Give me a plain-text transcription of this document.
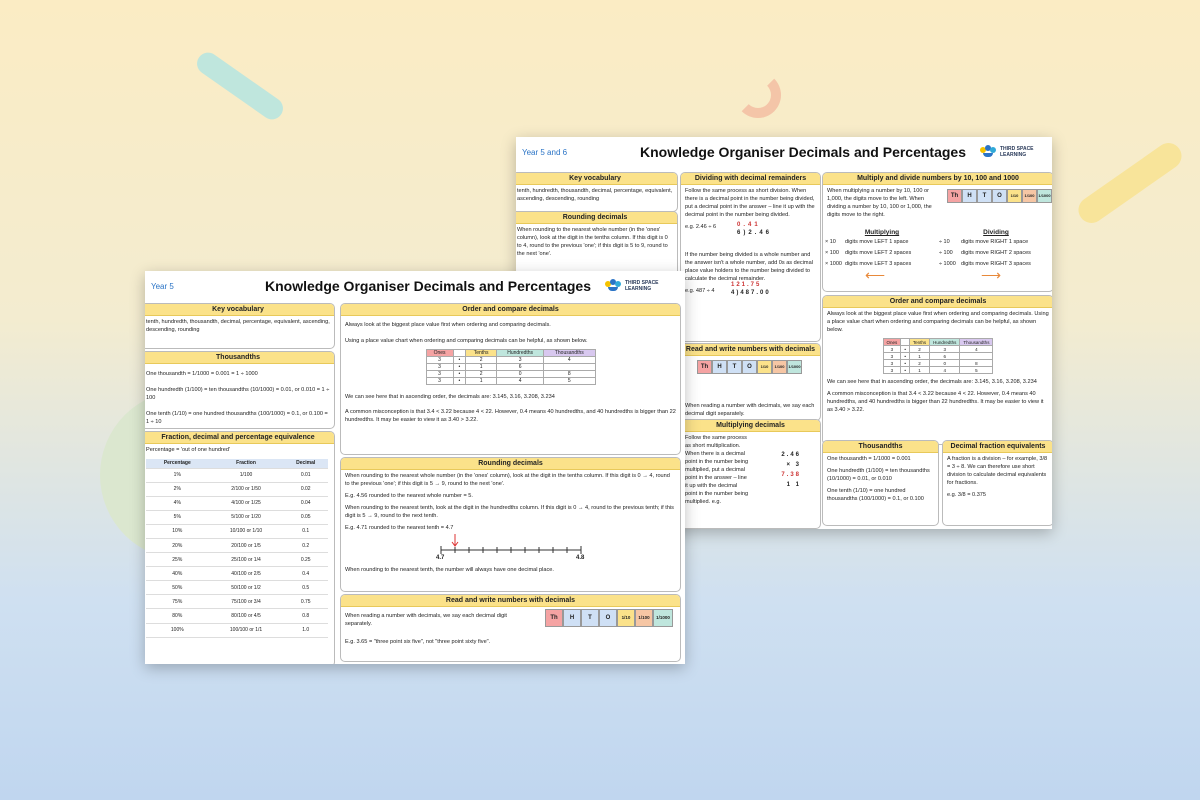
Year 5 and 6	Knowledge Organiser Decimals and Percentages	THIRD SPACE LEARNING
Key vocabulary
tenth, hundredth, thousandth, decimal, percentage, equivalent, ascending, descending, rounding
Rounding decimals
When rounding to the nearest whole number (in the 'ones' column), look at the digit in the tenths column. If this digit is 0 to 4, round to the previous 'one'; if this digit is 5 to 9, round to the next 'one'.
Dividing with decimal remainders
Follow the same process as short division. When there is a decimal point in the number being divided, put a decimal point in the answer – line it up with the decimal point in the number being divided.
e.g. 2.46 ÷ 6	0.41
6)2.46
If the number being divided is a whole number and the answer isn't a whole number, add 0s as decimal place value holders to the number being divided to calculate the decimal remainder.
e.g. 487 ÷ 4
121.75
4)487.00
Multiply and divide numbers by 10, 100 and 1000
When multiplying a number by 10, 100 or 1,000, the digits move to the left. When dividing a number by 10, 100 or 1,000, the digits move to the right.
Th	H	T	O	1/10	1/100 1/1000
Multiplying	Dividing
× 10	digits move LEFT 1 space	÷ 10	digits move RIGHT 1 space
× 100	digits move LEFT 2 spaces	÷ 100	digits move RIGHT 2 spaces
× 1000 digits move LEFT 3 spaces	÷ 1000 digits move RIGHT 3 spaces
⟵	⟶
Read and write numbers with decimals
Th	H	T	O	1/10	1/100 1/1000
When reading a number with decimals, we say each decimal digit separately.
Multiplying decimals
Follow the same process as short multiplication. When there is a decimal point in the number being multiplied, put a decimal point in the answer – line it up with the decimal point in the number being multiplied. e.g.
2.46
× 3
7.38
1 1
Order and compare decimals
Always look at the biggest place value first when ordering and comparing decimals. Using a place value chart when ordering and comparing decimals can be helpful, as shown below.
Ones		Tenths	Hundredths	Thousandths
3	•	2	3	4
3	•	1	6	
3	•	2	0	8
3	•	1	4	5
We can see here that in ascending order, the decimals are: 3.145, 3.16, 3.208, 3.234
A common misconception is that 3.4 < 3.22 because 4 < 22. However, 0.4 means 40 hundredths, and 40 hundredths is bigger than 22 hundredths. It may be easier to view it as 3.40 > 3.22.
Thousandths
One thousandth = 1/1000 = 0.001
One hundredth (1/100) = ten thousandths (10/1000) = 0.01, or 0.010
One tenth (1/10) = one hundred thousandths (100/1000) = 0.1, or 0.100
Decimal fraction equivalents
A fraction is a division – for example, 3/8 = 3 ÷ 8. We can therefore use short division to calculate decimal equivalents for fractions.
e.g. 3/8 = 0.375
Year 5	Knowledge Organiser Decimals and Percentages	THIRD SPACE LEARNING
Key vocabulary
tenth, hundredth, thousandth, decimal, percentage, equivalent, ascending, descending, rounding
Thousandths
One thousandth = 1/1000 = 0.001 = 1 ÷ 1000
One hundredth (1/100) = ten thousandths (10/1000) = 0.01, or 0.010 = 1 ÷ 100
One tenth (1/10) = one hundred thousandths (100/1000) = 0.1, or 0.100 = 1 ÷ 10
Fraction, decimal and percentage equivalence
Percentage = 'out of one hundred'
Percentage	Fraction	Decimal
1%	1/100	0.01
2%	2/100 or 1/50	0.02
4%	4/100 or 1/25	0.04
5%	5/100 or 1/20	0.05
10%	10/100 or 1/10	0.1
20%	20/100 or 1/5	0.2
25%	25/100 or 1/4	0.25
40%	40/100 or 2/5	0.4
50%	50/100 or 1/2	0.5
75%	75/100 or 3/4	0.75
80%	80/100 or 4/5	0.8
100%	100/100 or 1/1	1.0
Order and compare decimals
Always look at the biggest place value first when ordering and comparing decimals.
Using a place value chart when ordering and comparing decimals can be helpful, as shown below.
Ones		Tenths	Hundredths	Thousandths
3	•	2	3	4
3	•	1	6	
3	•	2	0	8
3	•	1	4	5
We can see here that in ascending order, the decimals are: 3.145, 3.16, 3.208, 3.234
A common misconception is that 3.4 < 3.22 because 4 < 22. However, 0.4 means 40 hundredths, and 40 hundredths is bigger than 22 hundredths. It may be easier to view it as 3.40 > 3.22.
Rounding decimals
When rounding to the nearest whole number (in the 'ones' column), look at the digit in the tenths column. If this digit is 0 → 4, round to the previous 'one'; if this digit is 5 → 9, round to the next 'one'.
E.g. 4.56 rounded to the nearest whole number = 5.
When rounding to the nearest tenth, look at the digit in the hundredths column. If this digit is 0 → 4, round to the previous tenth; if this digit is 5 → 9, round to the next tenth.
E.g. 4.71 rounded to the nearest tenth = 4.7
4.7	4.8
When rounding to the nearest tenth, the number will always have one decimal place.
Read and write numbers with decimals
When reading a number with decimals, we say each decimal digit separately.
E.g. 3.65 = "three point six five", not "three point sixty five".
Th	H	T	O	1/10	1/100	1/1000
